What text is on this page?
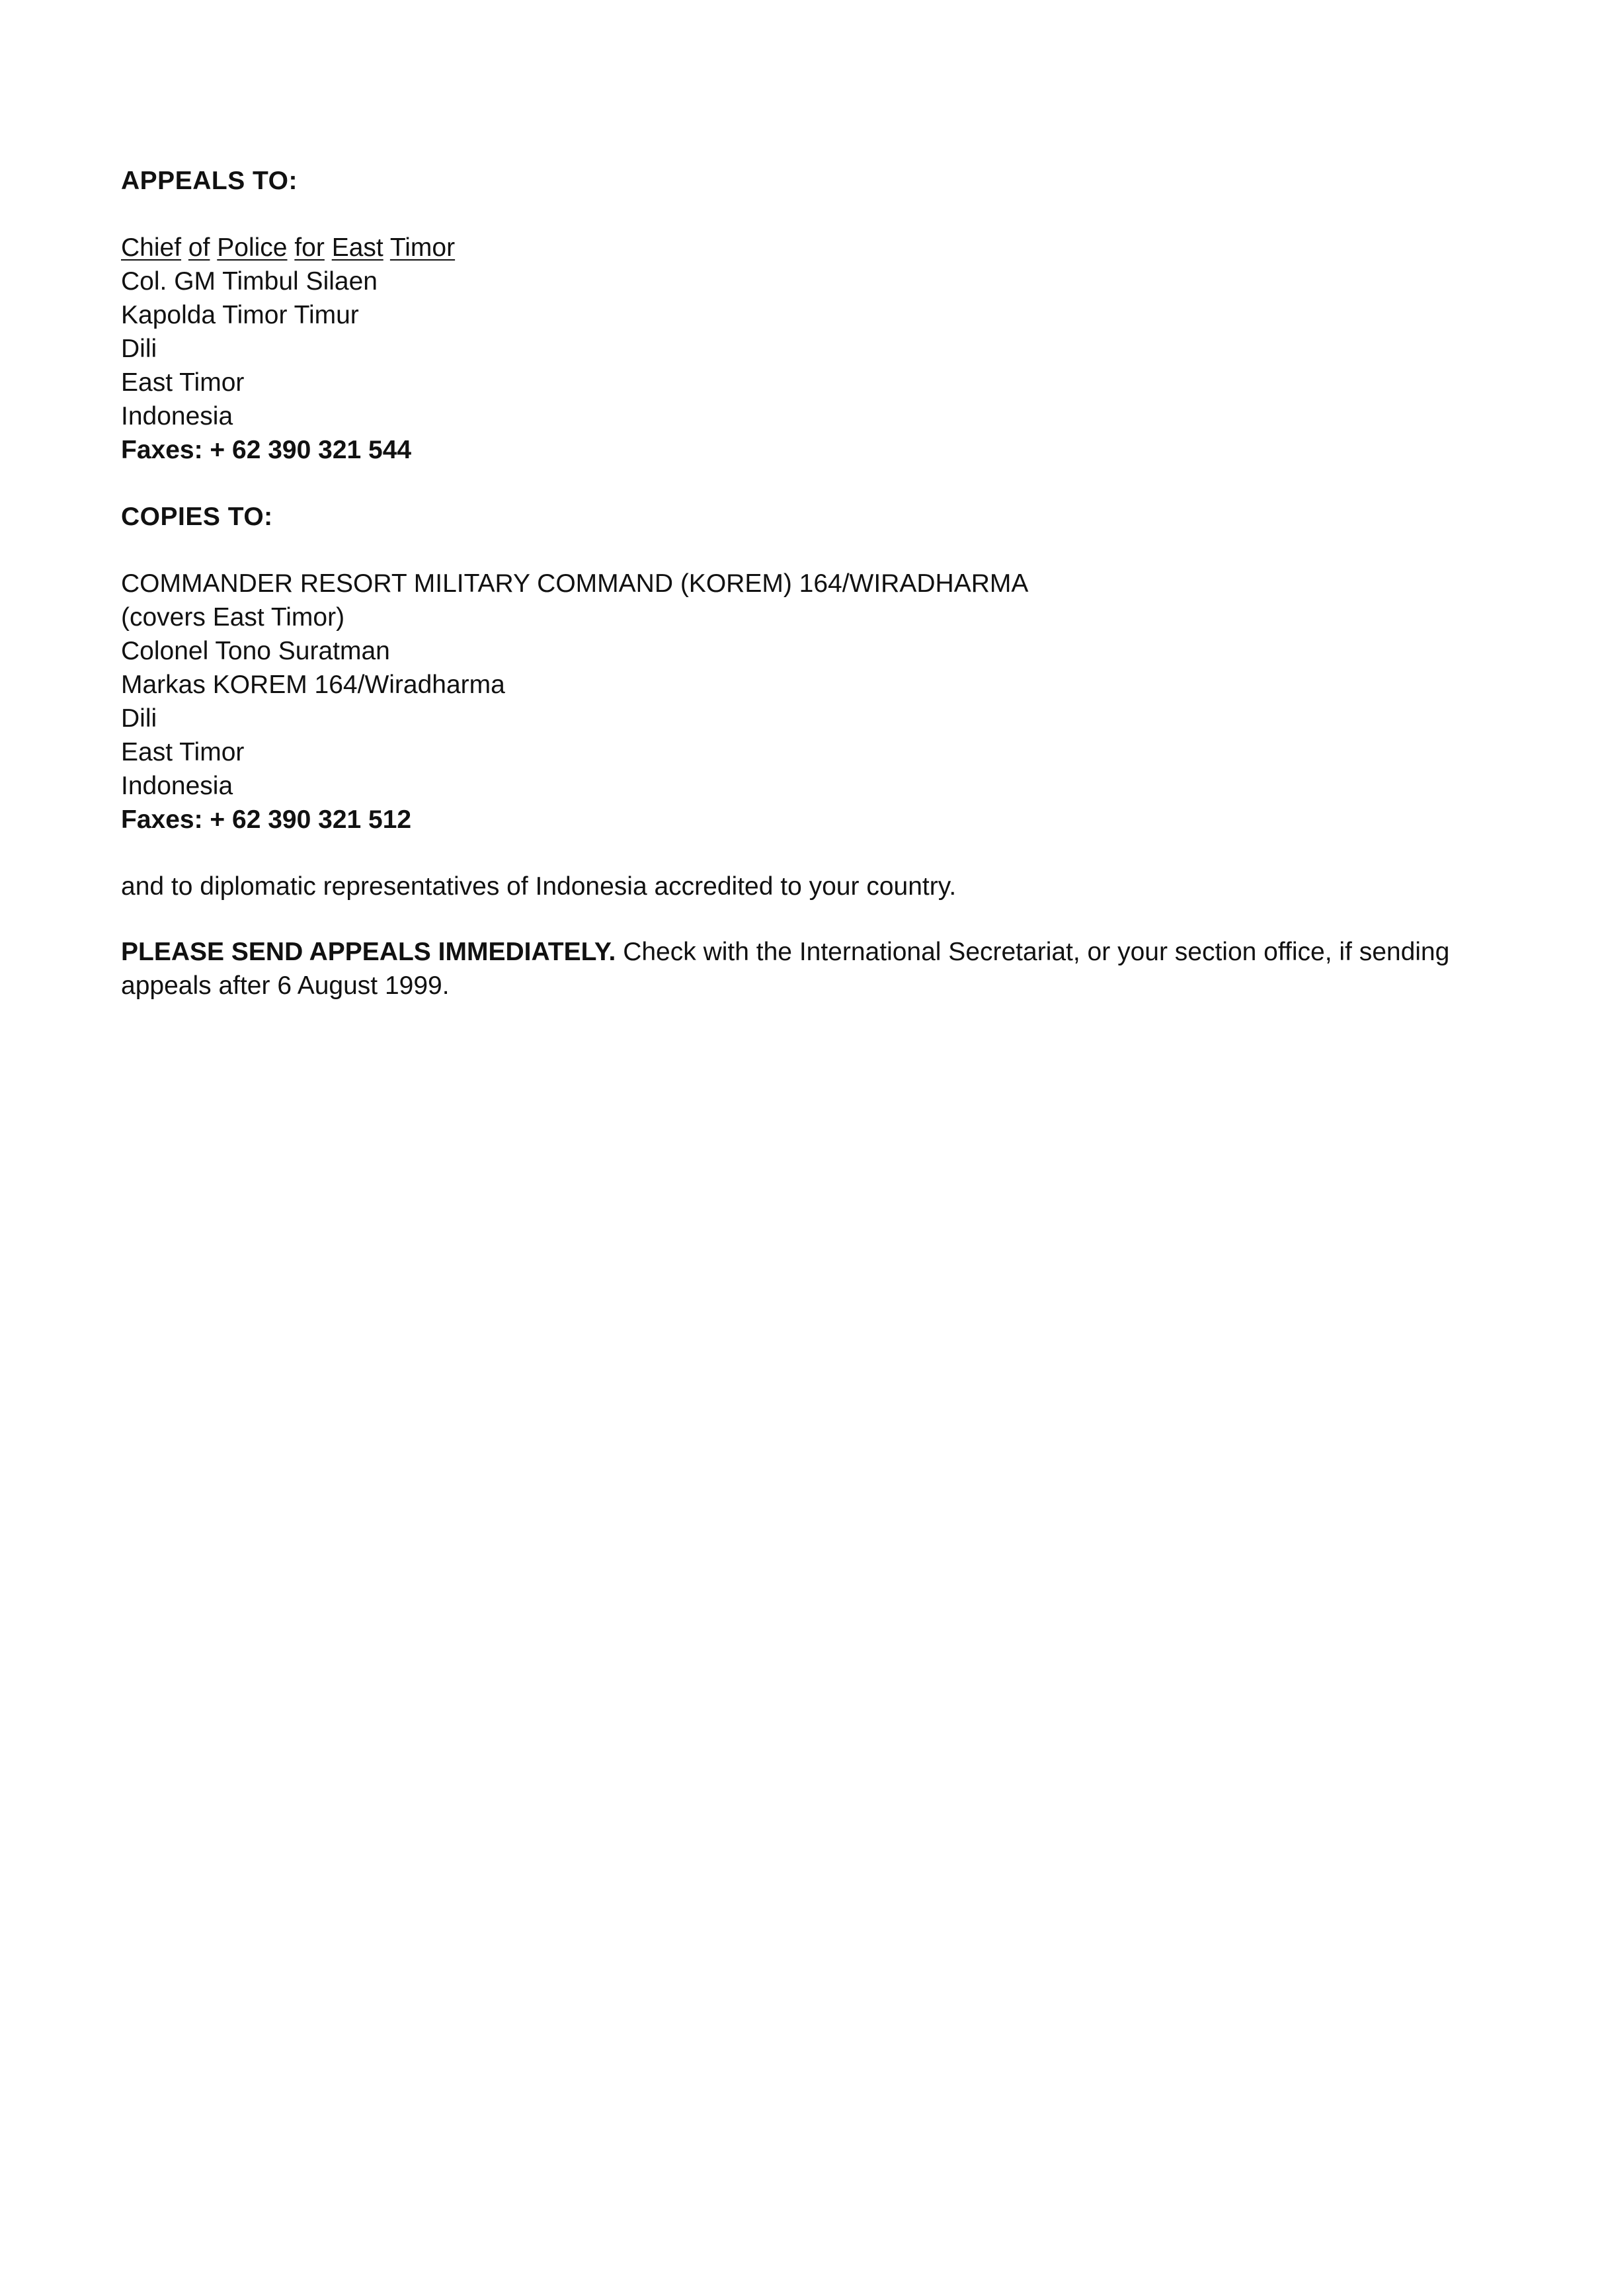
APPEALS TO:

Chief of Police for East Timor
Col. GM Timbul Silaen
Kapolda Timor Timur
Dili
East Timor
Indonesia
Faxes: + 62 390 321 544

COPIES TO:

COMMANDER RESORT MILITARY COMMAND (KOREM) 164/WIRADHARMA
(covers East Timor)
Colonel Tono Suratman
Markas KOREM 164/Wiradharma
Dili
East Timor
Indonesia
Faxes: + 62 390 321 512

and to diplomatic representatives of Indonesia accredited to your country.

PLEASE SEND APPEALS IMMEDIATELY. Check with the International Secretariat, or your section office, if sending appeals after 6 August 1999.
